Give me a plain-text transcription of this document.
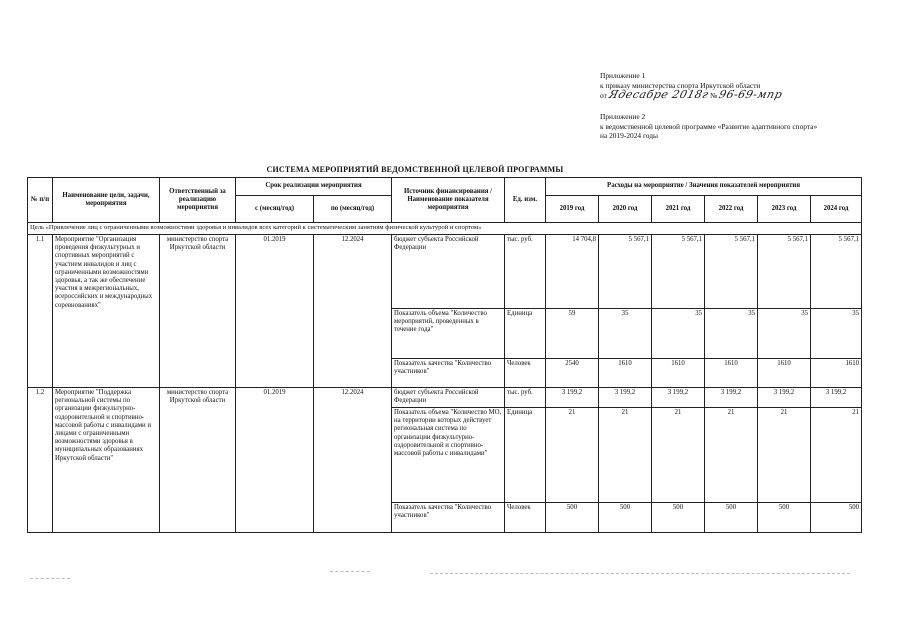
Приложение 1
к приказу министерства спорта Иркутской области
от Ядесабре 2018г № 96-69-мпр
Приложение 2
к ведомственной целевой программе «Развитие адаптивного спорта»
на 2019-2024 годы
СИСТЕМА МЕРОПРИЯТИЙ ВЕДОМСТВЕННОЙ ЦЕЛЕВОЙ ПРОГРАММЫ
№ п/п	Наименование цели, задачи, мероприятия	Ответственный за реализацию мероприятия	Срок реализации мероприятия		Источник финансирования / Наименование показателя мероприятия	Ед. изм.	Расходы на мероприятие / Значения показателей мероприятия					
			с (месяц/год)	по (месяц/год)			2019 год	2020 год	2021 год	2022 год	2023 год	2024 год
Цель «Привлечение лиц с ограниченными возможностями здоровья и инвалидов всех категорий к систематическим занятиям физической культурой и спортом»												
1.1	Мероприятие "Организация проведения физкультурных и спортивных мероприятий с участием инвалидов и лиц с ограниченными возможностями здоровья, а так же обеспечение участия в межрегиональных, всероссийских и международных соревнованиях"	министерство спорта Иркутской области	01.2019	12.2024	бюджет субъекта Российской Федерации	тыс. руб.	14 704,8	5 567,1	5 567,1	5 567,1	5 567,1	5 567,1
					Показатель объема "Количество мероприятий, проведенных в течение года"	Единица	59	35	35	35	35	35
					Показатель качества "Количество участников"	Человек	2540	1610	1610	1610	1610	1610
1.2	Мероприятие "Поддержка региональной системы по организации физкультурно-оздоровительной и спортивно-массовой работы с инвалидами и лицами с ограниченными возможностями здоровья в муниципальных образованиях Иркутской области"	министерство спорта Иркутской области	01.2019	12.2024	бюджет субъекта Российской Федерации	тыс. руб.	3 199,2	3 199,2	3 199,2	3 199,2	3 199,2	3 199,2
					Показатель объема "Количество МО, на территории которых действует региональная система по организации физкультурно-оздоровительной и спортивно-массовой работы с инвалидами"	Единица	21	21	21	21	21	21
					Показатель качества "Количество участников"	Человек	500	500	500	500	500	500
